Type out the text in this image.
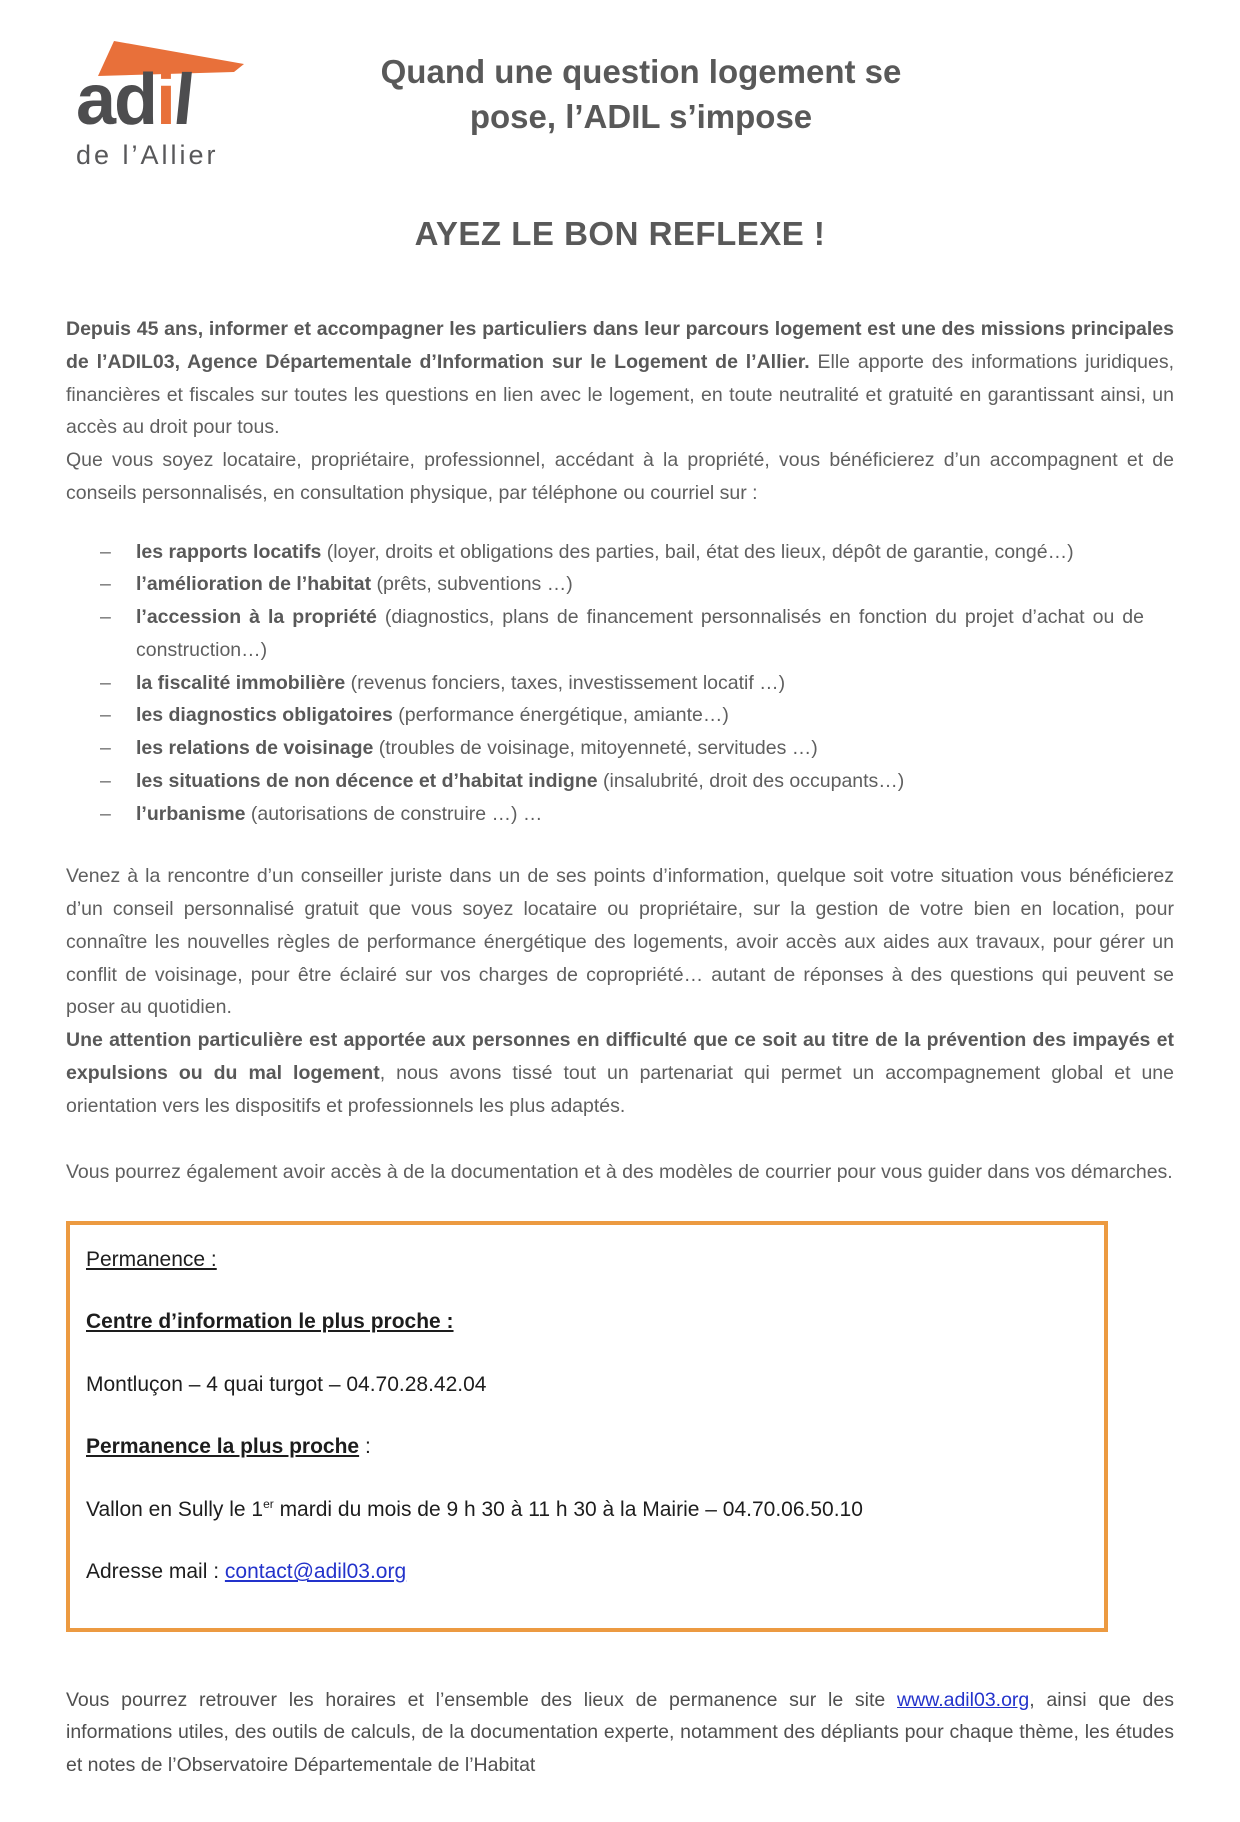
adil
de l’Allier
Quand une question logement se
pose, l’ADIL s’impose
AYEZ LE BON REFLEXE !

Depuis 45 ans, informer et accompagner les particuliers dans leur parcours logement est une des missions principales de l’ADIL03, Agence Départementale d’Information sur le Logement de l’Allier. Elle apporte des informations juridiques, financières et fiscales sur toutes les questions en lien avec le logement, en toute neutralité et gratuité en garantissant ainsi, un accès au droit pour tous.

Que vous soyez locataire, propriétaire, professionnel, accédant à la propriété, vous bénéficierez d’un accompagnent et de conseils personnalisés, en consultation physique, par téléphone ou courriel sur :

–	les rapports locatifs (loyer, droits et obligations des parties, bail, état des lieux, dépôt de garantie, congé…)
–	l’amélioration de l’habitat (prêts, subventions …)
–	l’accession à la propriété (diagnostics, plans de financement personnalisés en fonction du projet d’achat ou de construction…)
–	la fiscalité immobilière (revenus fonciers, taxes, investissement locatif …)
–	les diagnostics obligatoires (performance énergétique, amiante…)
–	les relations de voisinage (troubles de voisinage, mitoyenneté, servitudes …)
–	les situations de non décence et d’habitat indigne (insalubrité, droit des occupants…)
–	l’urbanisme (autorisations de construire …) …

Venez à la rencontre d’un conseiller juriste dans un de ses points d’information, quelque soit votre situation vous bénéficierez d’un conseil personnalisé gratuit que vous soyez locataire ou propriétaire, sur la gestion de votre bien en location, pour connaître les nouvelles règles de performance énergétique des logements, avoir accès aux aides aux travaux, pour gérer un conflit de voisinage, pour être éclairé sur vos charges de copropriété… autant de réponses à des questions qui peuvent se poser au quotidien.

Une attention particulière est apportée aux personnes en difficulté que ce soit au titre de la prévention des impayés et expulsions ou du mal logement, nous avons tissé tout un partenariat qui permet un accompagnement global et une orientation vers les dispositifs et professionnels les plus adaptés.

Vous pourrez également avoir accès à de la documentation et à des modèles de courrier pour vous guider dans vos démarches.

Permanence :
Centre d’information le plus proche :
Montluçon – 4 quai turgot – 04.70.28.42.04
Permanence la plus proche :
Vallon en Sully le 1er mardi du mois de 9 h 30 à 11 h 30 à la Mairie – 04.70.06.50.10
Adresse mail : contact@adil03.org

Vous pourrez retrouver les horaires et l’ensemble des lieux de permanence sur le site www.adil03.org, ainsi que des informations utiles, des outils de calculs, de la documentation experte, notamment des dépliants pour chaque thème, les études et notes de l’Observatoire Départementale de l’Habitat
